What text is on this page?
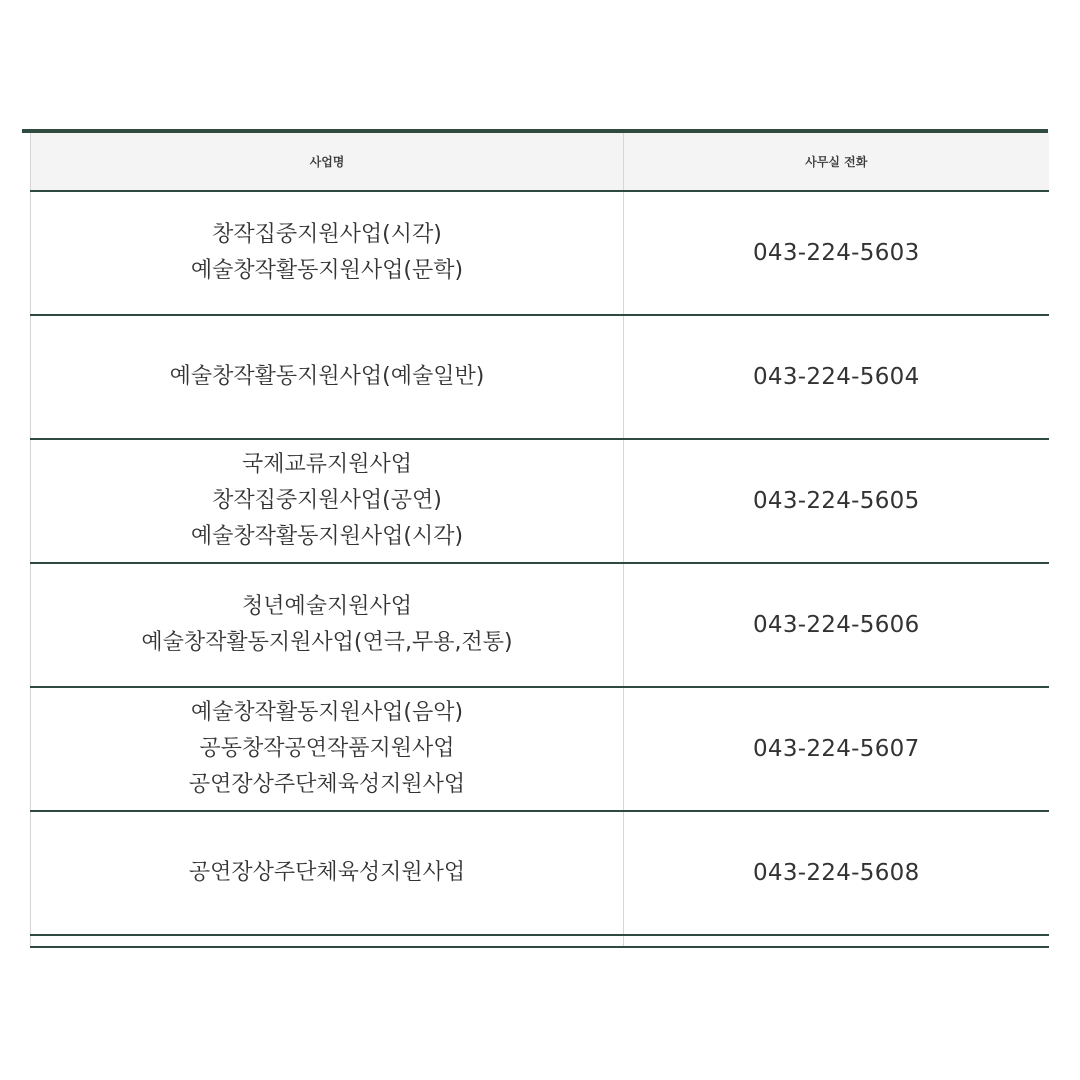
사업명	사무실 전화

창작집중지원사업(시각)
예술창작활동지원사업(문학)	043-224-5603

예술창작활동지원사업(예술일반)	043-224-5604

국제교류지원사업
창작집중지원사업(공연)
예술창작활동지원사업(시각)	043-224-5605

청년예술지원사업
예술창작활동지원사업(연극,무용,전통)	043-224-5606

예술창작활동지원사업(음악)
공동창작공연작품지원사업
공연장상주단체육성지원사업	043-224-5607

공연장상주단체육성지원사업	043-224-5608
